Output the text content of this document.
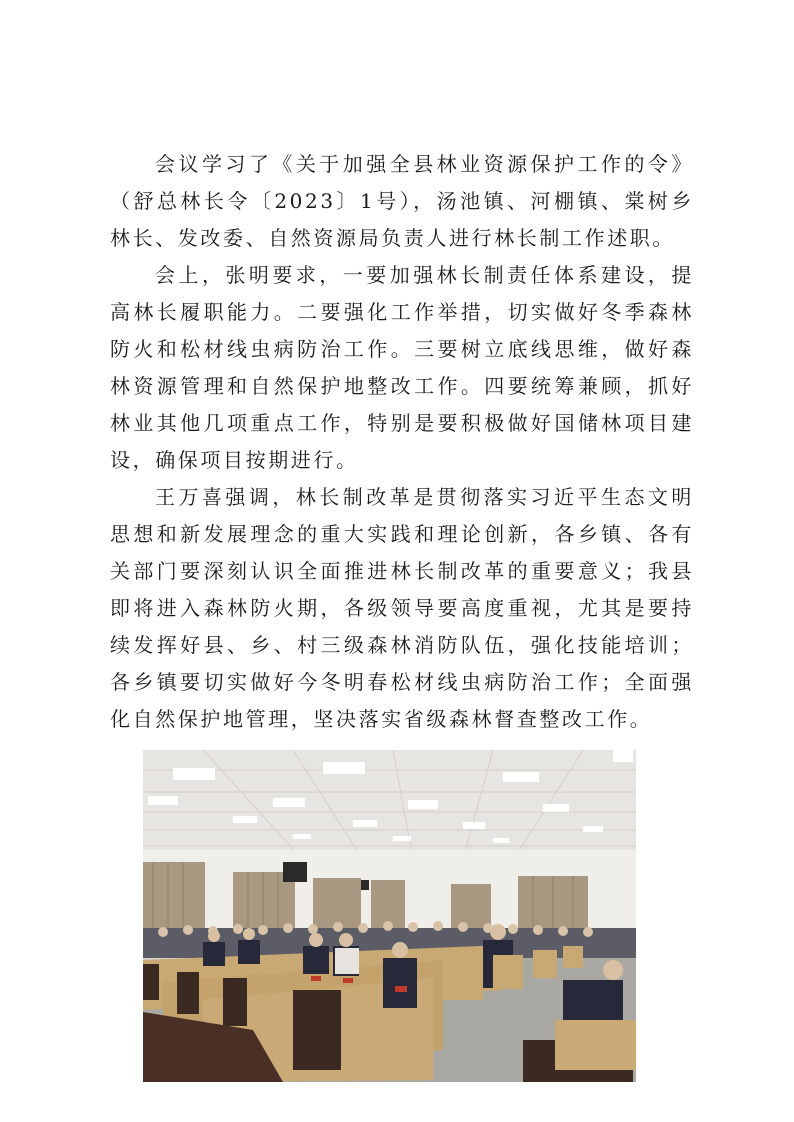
会议学习了《关于加强全县林业资源保护工作的令》（舒总林长令〔2023〕1号），汤池镇、河棚镇、棠树乡林长、发改委、自然资源局负责人进行林长制工作述职。

会上，张明要求，一要加强林长制责任体系建设，提高林长履职能力。二要强化工作举措，切实做好冬季森林防火和松材线虫病防治工作。三要树立底线思维，做好森林资源管理和自然保护地整改工作。四要统筹兼顾，抓好林业其他几项重点工作，特别是要积极做好国储林项目建设，确保项目按期进行。

王万喜强调，林长制改革是贯彻落实习近平生态文明思想和新发展理念的重大实践和理论创新，各乡镇、各有关部门要深刻认识全面推进林长制改革的重要意义；我县即将进入森林防火期，各级领导要高度重视，尤其是要持续发挥好县、乡、村三级森林消防队伍，强化技能培训；各乡镇要切实做好今冬明春松材线虫病防治工作；全面强化自然保护地管理，坚决落实省级森林督查整改工作。
